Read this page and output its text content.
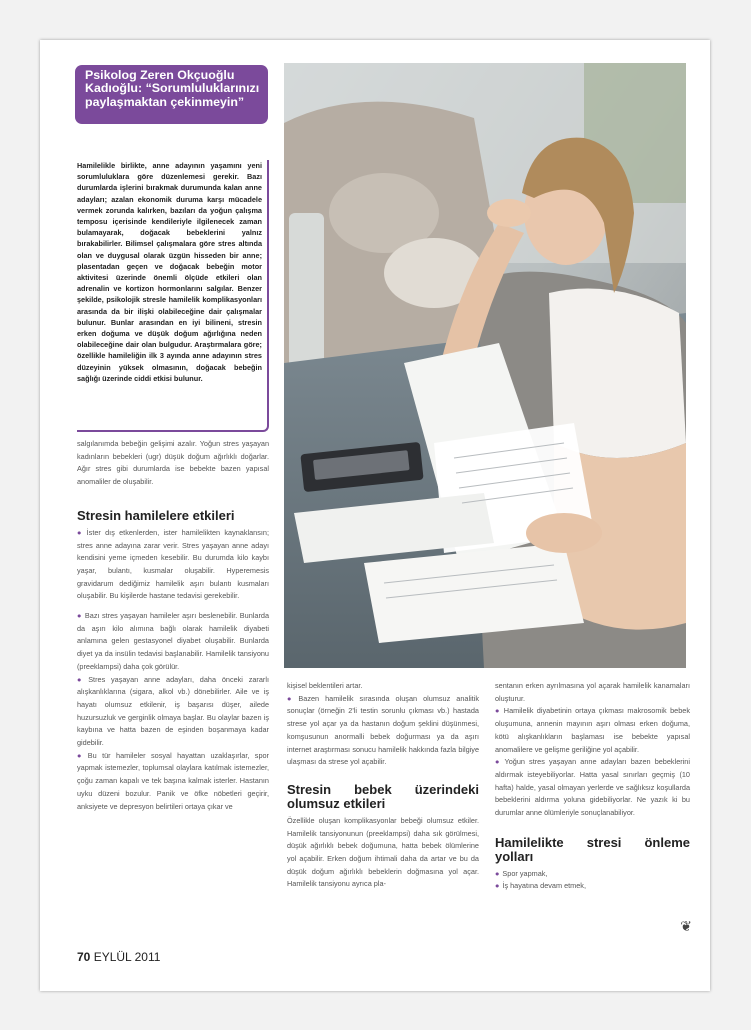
Psikolog Zeren Okçuoğlu Kadıoğlu: “Sorumluluklarınızı paylaşmaktan çekinmeyin”
Hamilelikle birlikte, anne adayının yaşamını yeni sorumluluklara göre düzenlemesi gerekir. Bazı durumlarda işlerini bırakmak durumunda kalan anne adayları; azalan ekonomik duruma karşı mücadele vermek zorunda kalırken, bazıları da yoğun çalışma temposu içerisinde kendileriyle ilgilenecek zaman bulamayarak, doğacak bebeklerini yalnız bırakabilirler. Bilimsel çalışmalara göre stres altında olan ve duygusal olarak üzgün hisseden bir anne; plasentadan geçen ve doğacak bebeğin motor aktivitesi üzerinde önemli ölçüde etkileri olan adrenalin ve kortizon hormonlarını salgılar. Benzer şekilde, psikolojik stresle hamilelik komplikasyonları arasında da bir ilişki olabileceğine dair çalışmalar bulunur. Bunlar arasından en iyi bilineni, stresin erken doğuma ve düşük doğum ağırlığına neden olabileceğine dair olan bulgudur. Araştırmalara göre; özellikle hamileliğin ilk 3 ayında anne adayının stres düzeyinin yüksek olmasının, doğacak bebeğin sağlığı üzerinde ciddi etkisi bulunur.

salgılanımda bebeğin gelişimi azalır. Yoğun stres yaşayan kadınların bebekleri (ugr) düşük doğum ağırlıklı doğarlar. Ağır stres gibi durumlarda ise bebekte bazen yapısal anomaliler de oluşabilir.

Stresin hamilelere etkileri

● İster dış etkenlerden, ister hamilelikten kaynaklansın; stres anne adayına zarar verir. Stres yaşayan anne adayı kendisini yeme içmeden kesebilir. Bu durumda kilo kaybı yaşar, bulantı, kusmalar oluşabilir. Hyperemesis gravidarum dediğimiz hamilelik aşırı bulantı kusmaları oluşabilir. Bu kişilerde hastane tedavisi gerekebilir.

● Bazı stres yaşayan hamileler aşırı beslenebilir. Bunlarda da aşırı kilo alımına bağlı olarak hamilelik diyabeti anlamına gelen gestasyonel diyabet oluşabilir. Bunlarda diyet ya da insülin tedavisi başlanabilir. Hamilelik tansiyonu (preeklampsi) daha çok görülür.

● Stres yaşayan anne adayları, daha önceki zararlı alışkanlıklarına (sigara, alkol vb.) dönebilirler. Aile ve iş hayatı olumsuz etkilenir, iş başarısı düşer, ailede huzursuzluk ve gerginlik olmaya başlar. Bu olaylar bazen iş kaybına ve hatta bazen de eşinden boşanmaya kadar gidebilir.

● Bu tür hamileler sosyal hayattan uzaklaşırlar, spor yapmak istemezler, toplumsal olaylara katılmak istemezler, çoğu zaman kapalı ve tek başına kalmak isterler. Hastanın uyku düzeni bozulur. Panik ve öfke nöbetleri geçirir, anksiyete ve depresyon belirtileri ortaya çıkar ve

kişisel beklentileri artar.

● Bazen hamilelik sırasında oluşan olumsuz analitik sonuçlar (örneğin 2'li testin sorunlu çıkması vb.) hastada strese yol açar ya da hastanın doğum şeklini düşünmesi, komşusunun anormalli bebek doğurması ya da aşırı internet araştırması sonucu hamilelik hakkında fazla bilgiye ulaşması da strese yol açabilir.

Stresin bebek üzerindeki olumsuz etkileri

Özellikle oluşan komplikasyonlar bebeği olumsuz etkiler. Hamilelik tansiyonunun (preeklampsi) daha sık görülmesi, düşük ağırlıklı bebek doğumuna, hatta bebek ölümlerine yol açabilir. Erken doğum ihtimali daha da artar ve bu da düşük doğum ağırlıklı bebeklerin doğmasına yol açar. Hamilelik tansiyonu ayrıca pla-

sentanın erken ayrılmasına yol açarak hamilelik kanamaları oluşturur.

● Hamilelik diyabetinin ortaya çıkması makrosomik bebek oluşumuna, annenin mayının aşırı olması erken doğuma, kötü alışkanlıkların başlaması ise bebekte yapısal anomalilere ve gelişme geriliğine yol açabilir.

● Yoğun stres yaşayan anne adayları bazen bebeklerini aldırmak isteyebiliyorlar. Hatta yasal sınırları geçmiş (10 hafta) halde, yasal olmayan yerlerde ve sağlıksız koşullarda bebeklerini aldırma yoluna gidebiliyorlar. Ne yazık ki bu durumlar anne ölümleriyle sonuçlanabiliyor.

Hamilelikte stresi önleme yolları

● Spor yapmak,

● İş hayatına devam etmek,

70 EYLÜL 2011
❦
